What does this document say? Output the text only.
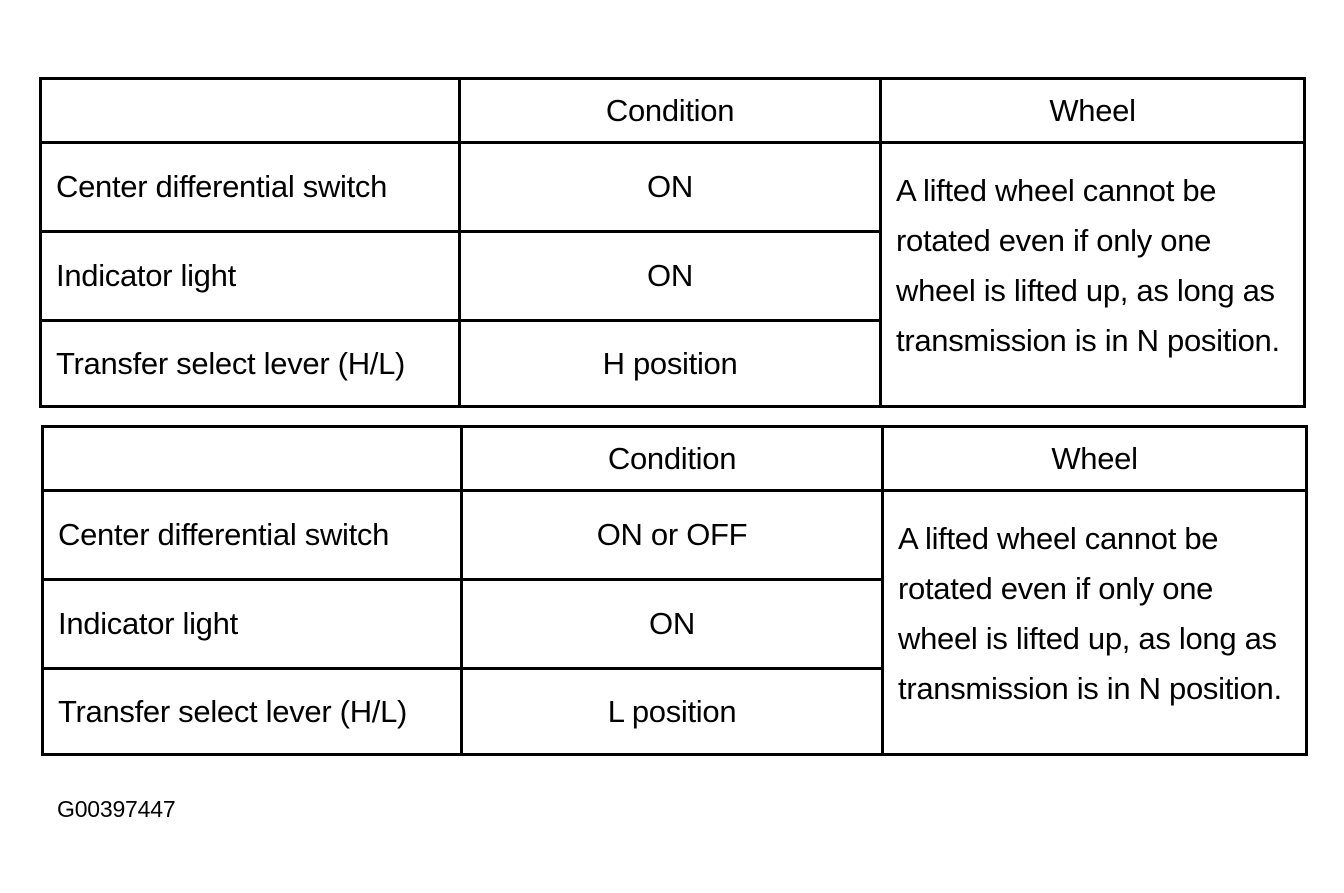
	Condition	Wheel
Center differential switch	ON	A lifted wheel cannot be rotated even if only one wheel is lifted up, as long as transmission is in N position.
Indicator light	ON	
Transfer select lever (H/L)	H position	
	Condition	Wheel
Center differential switch	ON or OFF	A lifted wheel cannot be rotated even if only one wheel is lifted up, as long as transmission is in N position.
Indicator light	ON	
Transfer select lever (H/L)	L position	
G00397447
